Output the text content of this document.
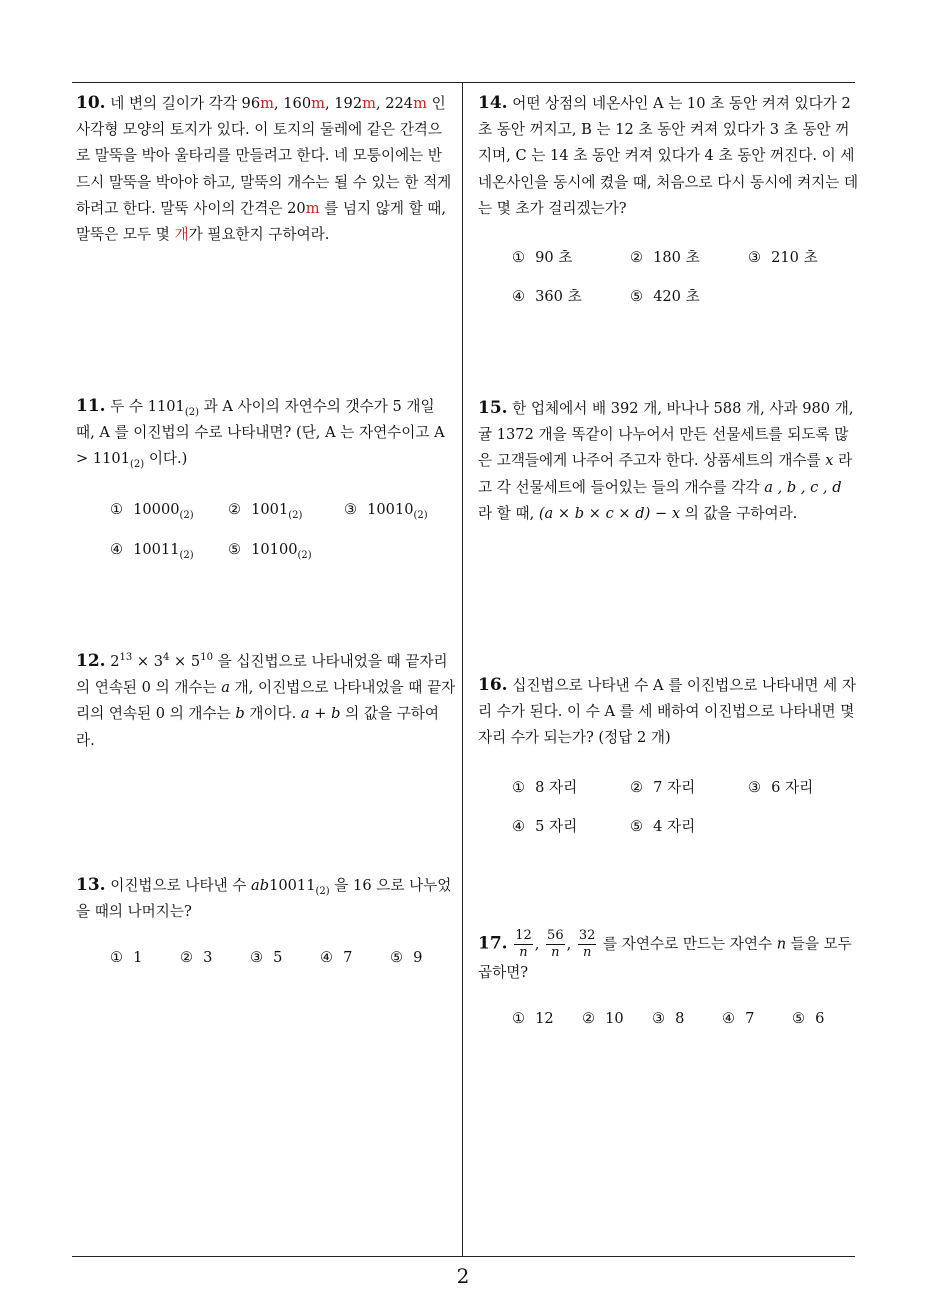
2
10. 네 변의 길이가 각각 96m, 160m, 192m, 224m 인 사각형 모양의 토지가 있다. 이 토지의 둘레에 같은 간격으로 말뚝을 박아 울타리를 만들려고 한다. 네 모퉁이에는 반드시 말뚝을 박아야 하고, 말뚝의 개수는 될 수 있는 한 적게 하려고 한다. 말뚝 사이의 간격은 20m 를 넘지 않게 할 때, 말뚝은 모두 몇 개가 필요한지 구하여라.
11. 두 수 $1101_{(2)}$ 과 A 사이의 자연수의 갯수가 5 개일 때, A 를 이진법의 수로 나타내면? (단, A 는 자연수이고 $A > 1101_{(2)}$ 이다.)
① $10000_{(2)}$ ② $1001_{(2)}$	③ $10010_{(2)}$
④ $10011_{(2)}$ ⑤ $10100_{(2)}$
12. $2^{13} \times 3^4 \times 5^{10}$ 을 십진법으로 나타내었을 때 끝자리의 연속된 0 의 개수는 a 개, 이진법으로 나타내었을 때 끝자리의 연속된 0 의 개수는 b 개이다. a + b 의 값을 구하여라.
13. 이진법으로 나타낸 수 $ab10011_{(2)}$ 을 16 으로 나누었을 때의 나머지는?
① 1	② 3	③ 5	④ 7	⑤ 9
14. 어떤 상점의 네온사인 A 는 10 초 동안 켜져 있다가 2 초 동안 꺼지고, B 는 12 초 동안 켜져 있다가 3 초 동안 꺼지며, C 는 14 초 동안 켜져 있다가 4 초 동안 꺼진다. 이 세 네온사인을 동시에 켰을 때, 처음으로 다시 동시에 켜지는 데는 몇 초가 걸리겠는가?
① 90 초	② 180 초	③ 210 초
④ 360 초	⑤ 420 초
15. 한 업체에서 배 392 개, 바나나 588 개, 사과 980 개, 귤 1372 개을 똑같이 나누어서 만든 선물세트를 되도록 많은 고객들에게 나주어 주고자 한다. 상품세트의 개수를 x 라고 각 선물세트에 들어있는 들의 개수를 각각 a , b , c , d 라 할 때, (a × b × c × d) − x 의 값을 구하여라.
16. 십진법으로 나타낸 수 A 를 이진법으로 나타내면 세 자리 수가 된다. 이 수 A 를 세 배하여 이진법으로 나타내면 몇 자리 수가 되는가? (정답 2 개)
① 8 자리	② 7 자리	③ 6 자리
④ 5 자리	⑤ 4 자리
17. $\frac{12}{n}$ , $\frac{56}{n}$ , $\frac{32}{n}$ 를 자연수로 만드는 자연수 n 들을 모두 곱하면?
① 12 ② 10 ③ 8	④ 7	⑤ 6
